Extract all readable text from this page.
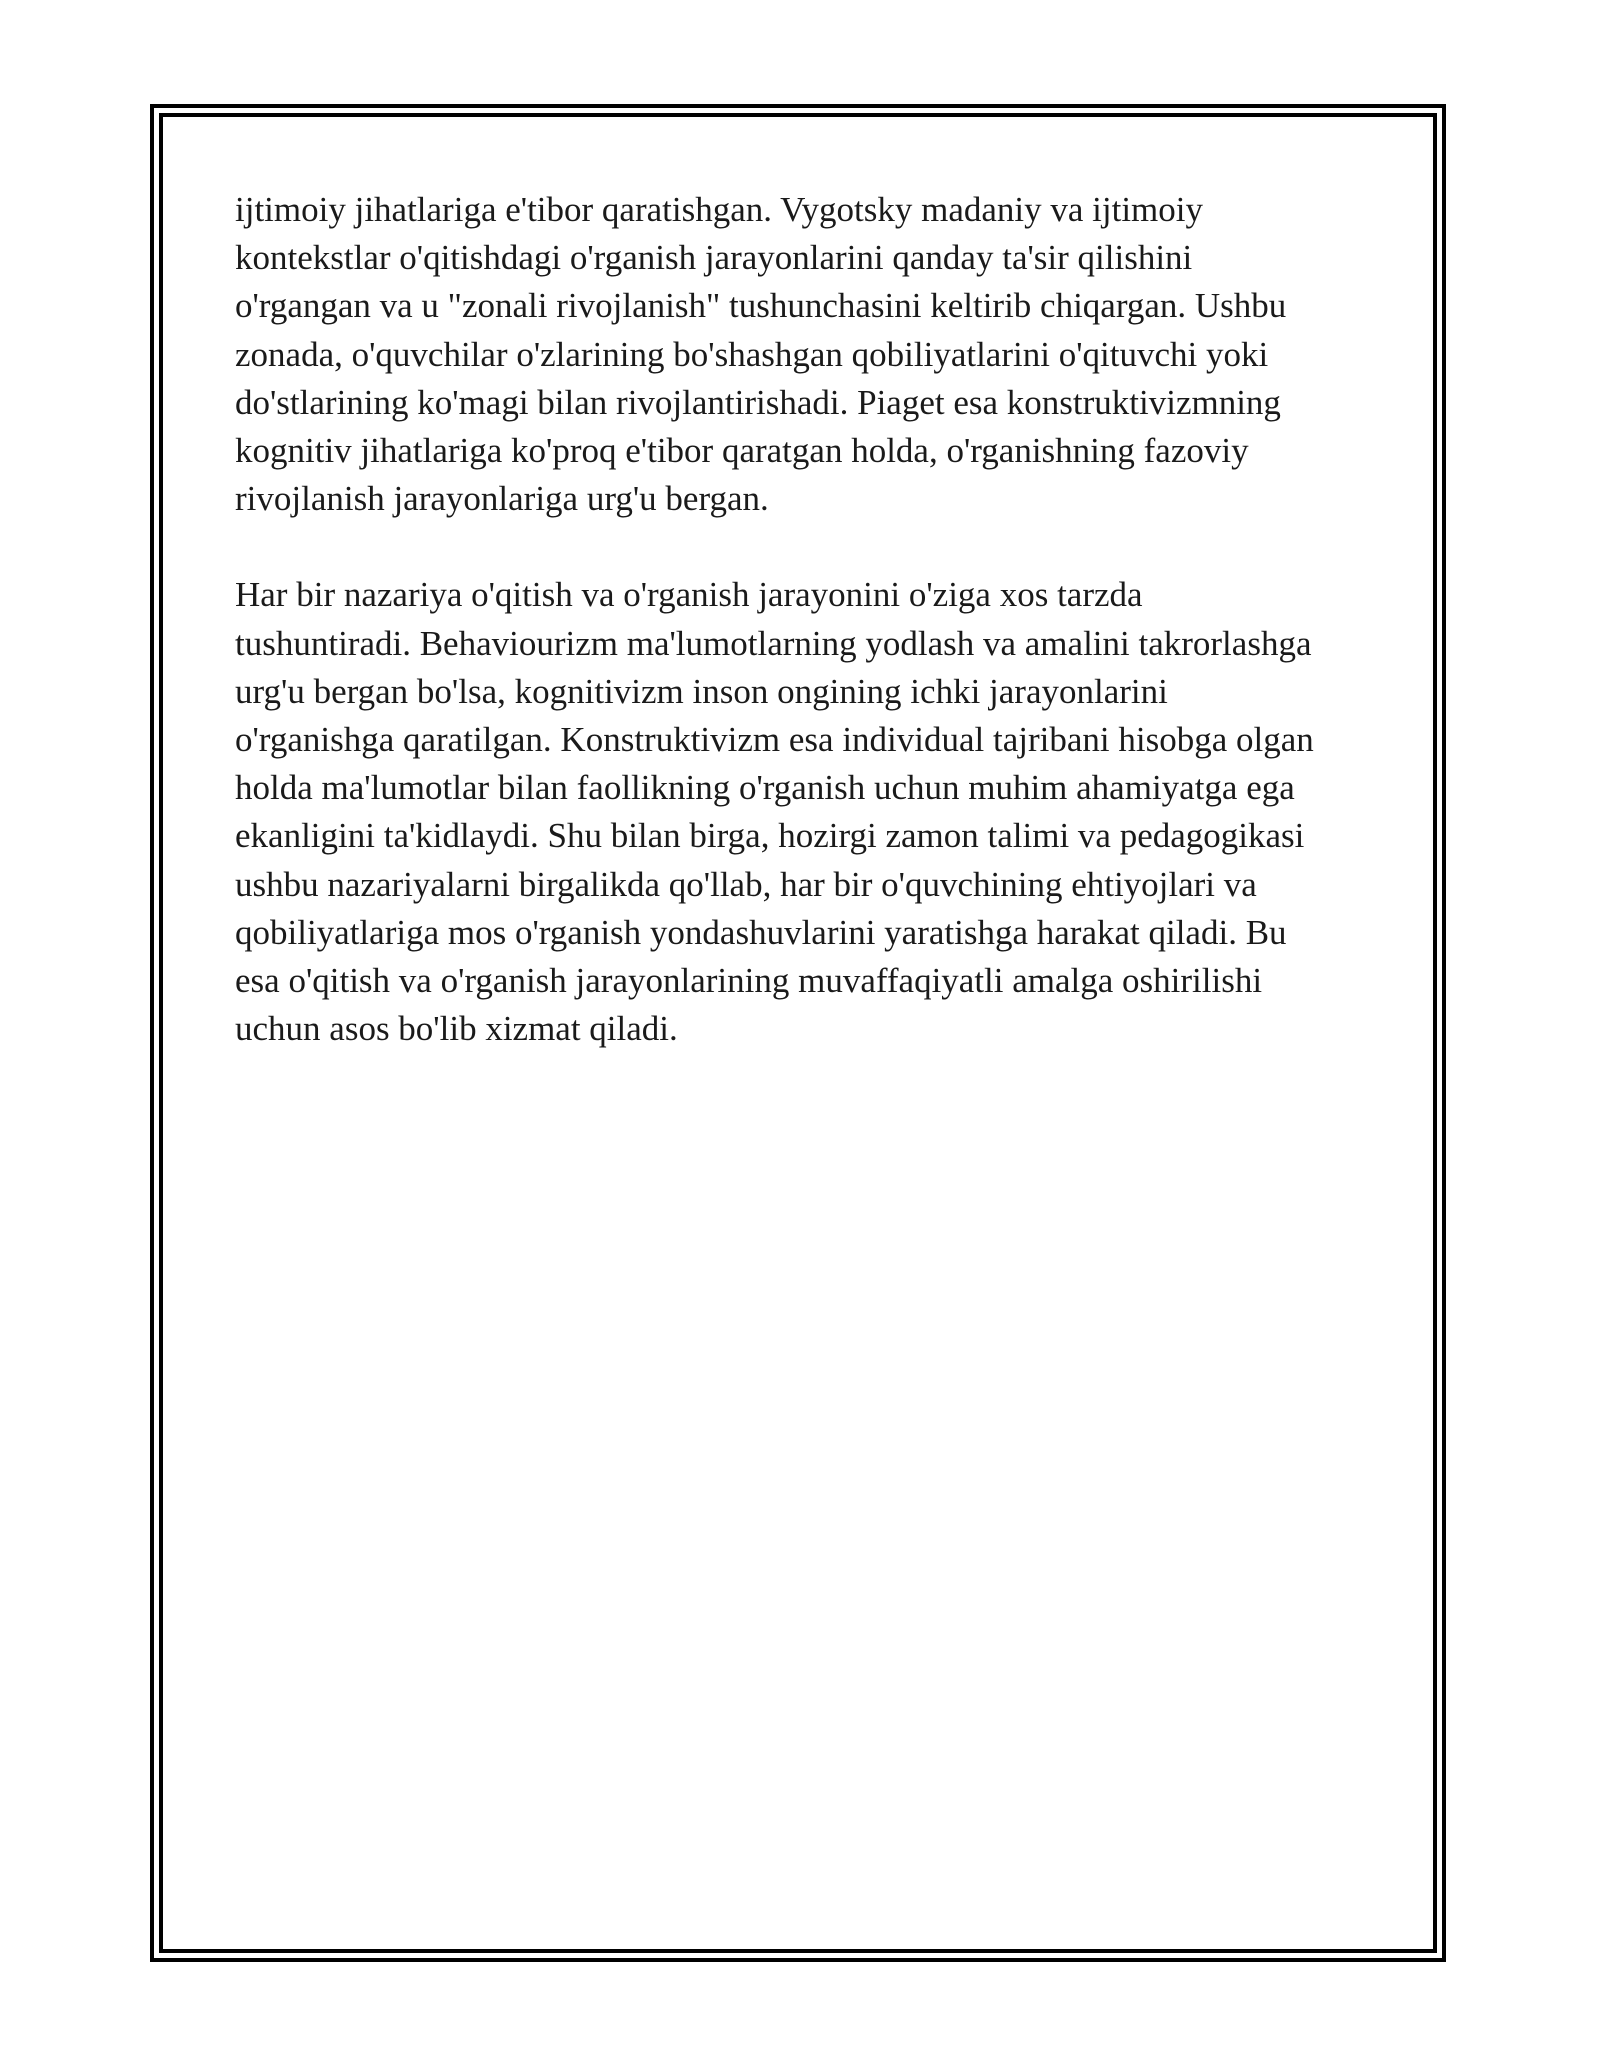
ijtimoiy jihatlariga e'tibor qaratishgan. Vygotsky madaniy va ijtimoiy
kontekstlar o'qitishdagi o'rganish jarayonlarini qanday ta'sir qilishini
o'rgangan va u "zonali rivojlanish" tushunchasini keltirib chiqargan. Ushbu
zonada, o'quvchilar o'zlarining bo'shashgan qobiliyatlarini o'qituvchi yoki
do'stlarining ko'magi bilan rivojlantirishadi. Piaget esa konstruktivizmning
kognitiv jihatlariga ko'proq e'tibor qaratgan holda, o'rganishning fazoviy
rivojlanish jarayonlariga urg'u bergan.

Har bir nazariya o'qitish va o'rganish jarayonini o'ziga xos tarzda
tushuntiradi. Behaviourizm ma'lumotlarning yodlash va amalini takrorlashga
urg'u bergan bo'lsa, kognitivizm inson ongining ichki jarayonlarini
o'rganishga qaratilgan. Konstruktivizm esa individual tajribani hisobga olgan
holda ma'lumotlar bilan faollikning o'rganish uchun muhim ahamiyatga ega
ekanligini ta'kidlaydi. Shu bilan birga, hozirgi zamon talimi va pedagogikasi
ushbu nazariyalarni birgalikda qo'llab, har bir o'quvchining ehtiyojlari va
qobiliyatlariga mos o'rganish yondashuvlarini yaratishga harakat qiladi. Bu
esa o'qitish va o'rganish jarayonlarining muvaffaqiyatli amalga oshirilishi
uchun asos bo'lib xizmat qiladi.
